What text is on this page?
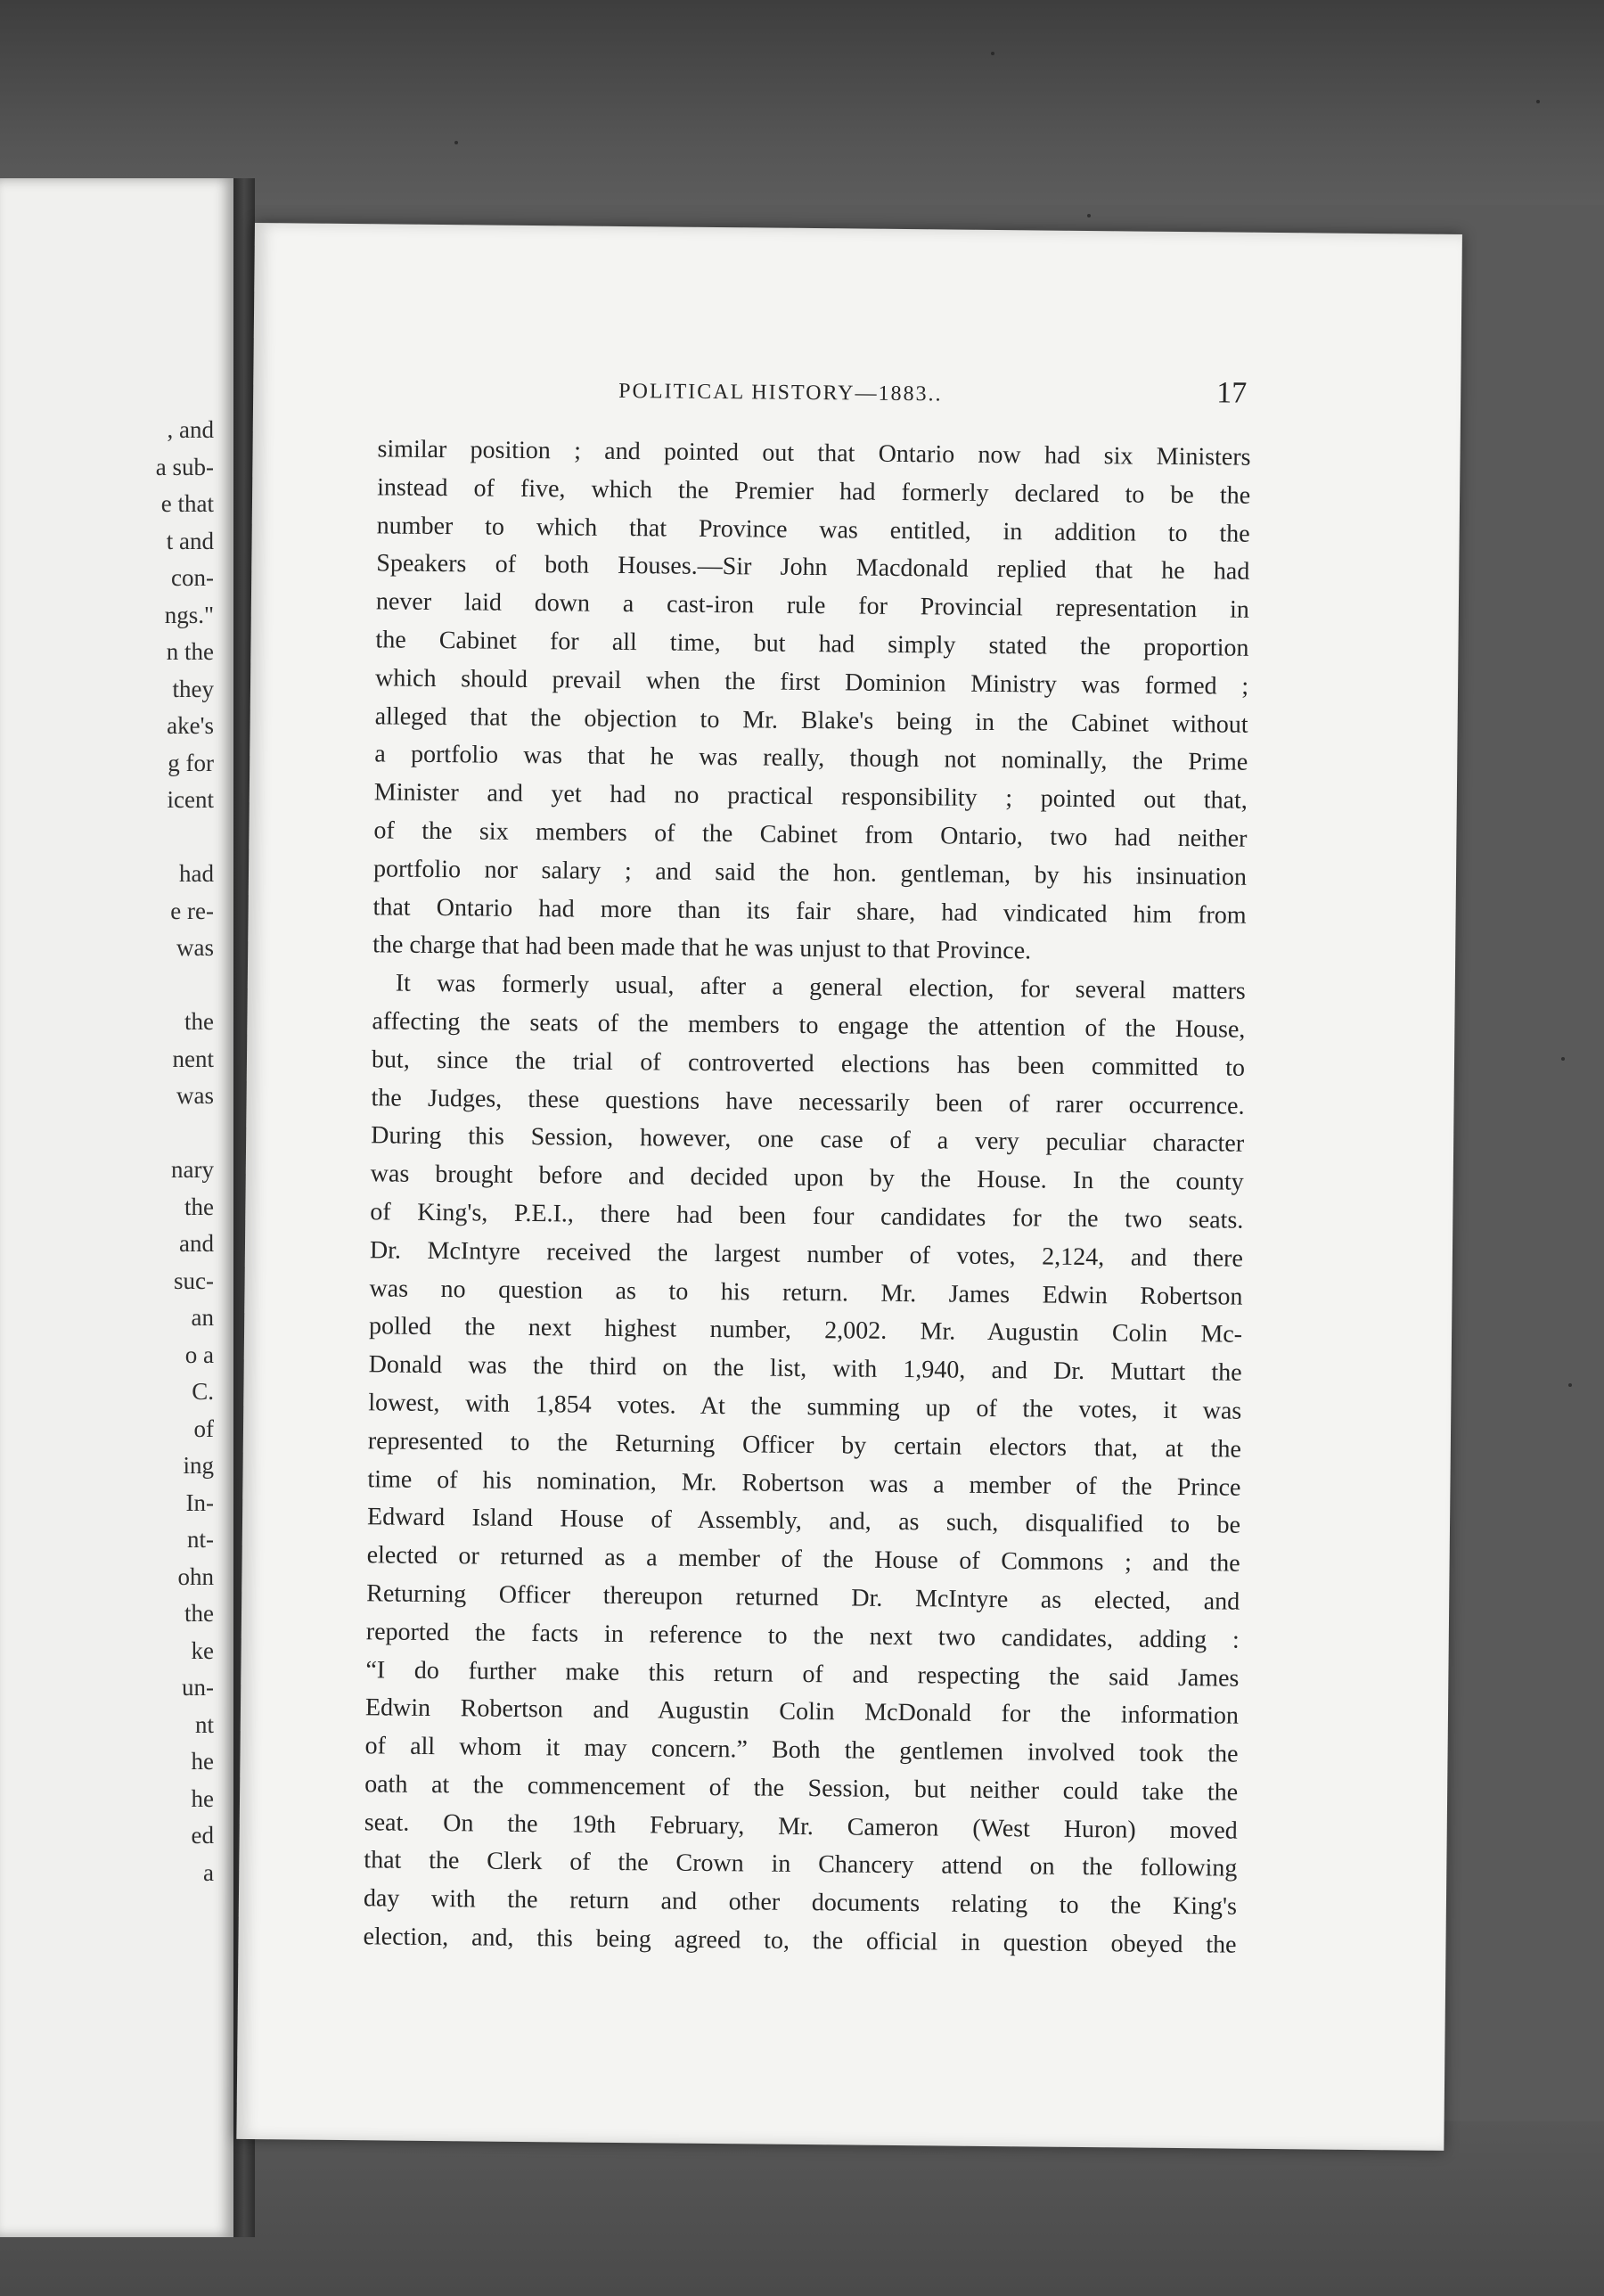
, and
a sub-
e that
t and
con-
ngs."
n the
they
ake's
g for
icent
had
e re-
was
the
nent
was
nary
the
and
suc-
an
o a
C.
of
ing
In-
nt-
ohn
the
ke
un-
nt
he
he
ed
a
POLITICAL HISTORY—1883..	17
similar position ; and pointed out that Ontario now had six Ministers
instead of five, which the Premier had formerly declared to be the
number to which that Province was entitled, in addition to the
Speakers of both Houses.—Sir John Macdonald replied that he had
never laid down a cast-iron rule for Provincial representation in
the Cabinet for all time, but had simply stated the proportion
which should prevail when the first Dominion Ministry was formed ;
alleged that the objection to Mr. Blake's being in the Cabinet without
a portfolio was that he was really, though not nominally, the Prime
Minister and yet had no practical responsibility ; pointed out that,
of the six members of the Cabinet from Ontario, two had neither
portfolio nor salary ; and said the hon. gentleman, by his insinuation
that Ontario had more than its fair share, had vindicated him from
the charge that had been made that he was unjust to that Province.
It was formerly usual, after a general election, for several matters
affecting the seats of the members to engage the attention of the House,
but, since the trial of controverted elections has been committed to
the Judges, these questions have necessarily been of rarer occurrence.
During this Session, however, one case of a very peculiar character
was brought before and decided upon by the House. In the county
of King's, P.E.I., there had been four candidates for the two seats.
Dr. McIntyre received the largest number of votes, 2,124, and there
was no question as to his return. Mr. James Edwin Robertson
polled the next highest number, 2,002. Mr. Augustin Colin Mc-
Donald was the third on the list, with 1,940, and Dr. Muttart the
lowest, with 1,854 votes. At the summing up of the votes, it was
represented to the Returning Officer by certain electors that, at the
time of his nomination, Mr. Robertson was a member of the Prince
Edward Island House of Assembly, and, as such, disqualified to be
elected or returned as a member of the House of Commons ; and the
Returning Officer thereupon returned Dr. McIntyre as elected, and
reported the facts in reference to the next two candidates, adding :
“I do further make this return of and respecting the said James
Edwin Robertson and Augustin Colin McDonald for the information
of all whom it may concern.” Both the gentlemen involved took the
oath at the commencement of the Session, but neither could take the
seat. On the 19th February, Mr. Cameron (West Huron) moved
that the Clerk of the Crown in Chancery attend on the following
day with the return and other documents relating to the King's
election, and, this being agreed to, the official in question obeyed the
